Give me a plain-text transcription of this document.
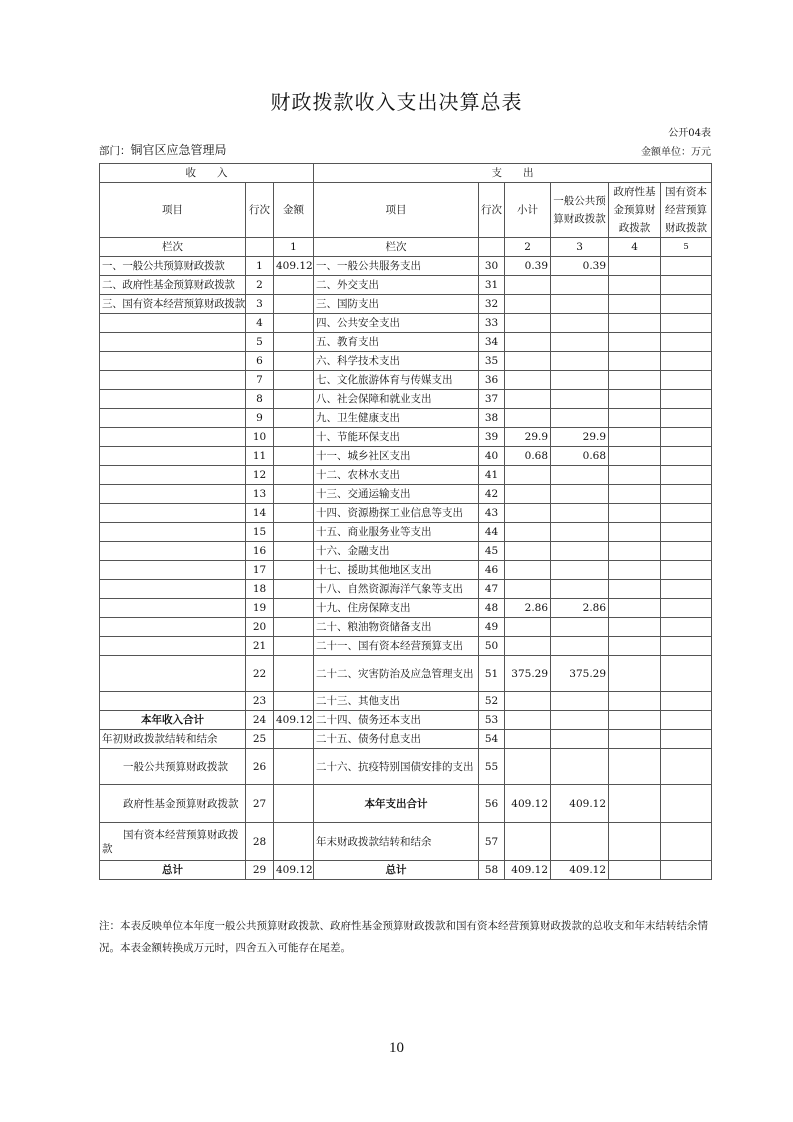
财政拨款收入支出决算总表
公开04表
部门：铜官区应急管理局	金额单位：万元
收　　入			支　　出					
项目	行次	金额	项目	行次	小计	一般公共预算财政拨款	政府性基金预算财政拨款	国有资本经营预算财政拨款
栏次		1	栏次		2	3	4	5
一、一般公共预算财政拨款	1	409.12	一、一般公共服务支出	30	0.39	0.39		
二、政府性基金预算财政拨款	2		二、外交支出	31				
三、国有资本经营预算财政拨款	3		三、国防支出	32				
	4		四、公共安全支出	33				
	5		五、教育支出	34				
	6		六、科学技术支出	35				
	7		七、文化旅游体育与传媒支出	36				
	8		八、社会保障和就业支出	37				
	9		九、卫生健康支出	38				
	10		十、节能环保支出	39	29.9	29.9		
	11		十一、城乡社区支出	40	0.68	0.68		
	12		十二、农林水支出	41				
	13		十三、交通运输支出	42				
	14		十四、资源勘探工业信息等支出	43				
	15		十五、商业服务业等支出	44				
	16		十六、金融支出	45				
	17		十七、援助其他地区支出	46				
	18		十八、自然资源海洋气象等支出	47				
	19		十九、住房保障支出	48	2.86	2.86		
	20		二十、粮油物资储备支出	49				
	21		二十一、国有资本经营预算支出	50				
	22		二十二、灾害防治及应急管理支出	51	375.29	375.29		
	23		二十三、其他支出	52				
本年收入合计	24	409.12	二十四、债务还本支出	53				
年初财政拨款结转和结余	25		二十五、债务付息支出	54				
一般公共预算财政拨款	26		二十六、抗疫特别国债安排的支出	55				
政府性基金预算财政拨款	27		本年支出合计	56	409.12	409.12		
国有资本经营预算财政拨款	28		年末财政拨款结转和结余	57				
总计	29	409.12	总计	58	409.12	409.12		
注：本表反映单位本年度一般公共预算财政拨款、政府性基金预算财政拨款和国有资本经营预算财政拨款的总收支和年末结转结余情况。本表金额转换成万元时，四舍五入可能存在尾差。
10
